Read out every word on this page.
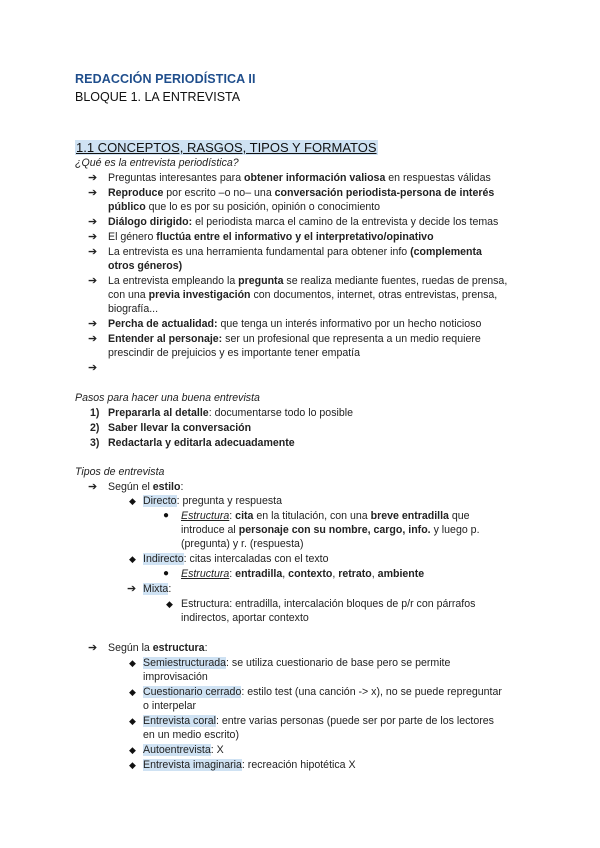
REDACCIÓN PERIODÍSTICA II
BLOQUE 1. LA ENTREVISTA
1.1 CONCEPTOS, RASGOS, TIPOS Y FORMATOS
¿Qué es la entrevista periodística?
➔ Preguntas interesantes para obtener información valiosa en respuestas válidas
➔ Reproduce por escrito –o no– una conversación periodista-persona de interés
público que lo es por su posición, opinión o conocimiento
➔ Diálogo dirigido: el periodista marca el camino de la entrevista y decide los temas
➔ El género fluctúa entre el informativo y el interpretativo/opinativo
➔ La entrevista es una herramienta fundamental para obtener info (complementa
otros géneros)
➔ La entrevista empleando la pregunta se realiza mediante fuentes, ruedas de prensa,
con una previa investigación con documentos, internet, otras entrevistas, prensa,
biografía...
➔ Percha de actualidad: que tenga un interés informativo por un hecho noticioso
➔ Entender al personaje: ser un profesional que representa a un medio requiere
prescindir de prejuicios y es importante tener empatía
➔
Pasos para hacer una buena entrevista
1) Prepararla al detalle: documentarse todo lo posible
2) Saber llevar la conversación
3) Redactarla y editarla adecuadamente
Tipos de entrevista
➔ Según el estilo:
◆ Directo: pregunta y respuesta
● Estructura: cita en la titulación, con una breve entradilla que
introduce al personaje con su nombre, cargo, info. y luego p.
(pregunta) y r. (respuesta)
◆ Indirecto: citas intercaladas con el texto
● Estructura: entradilla, contexto, retrato, ambiente
➔ Mixta:
◆ Estructura: entradilla, intercalación bloques de p/r con párrafos
indirectos, aportar contexto
➔ Según la estructura:
◆ Semiestructurada: se utiliza cuestionario de base pero se permite
improvisación
◆ Cuestionario cerrado: estilo test (una canción -> x), no se puede repreguntar
o interpelar
◆ Entrevista coral: entre varias personas (puede ser por parte de los lectores
en un medio escrito)
◆ Autoentrevista: X
◆ Entrevista imaginaria: recreación hipotética X
